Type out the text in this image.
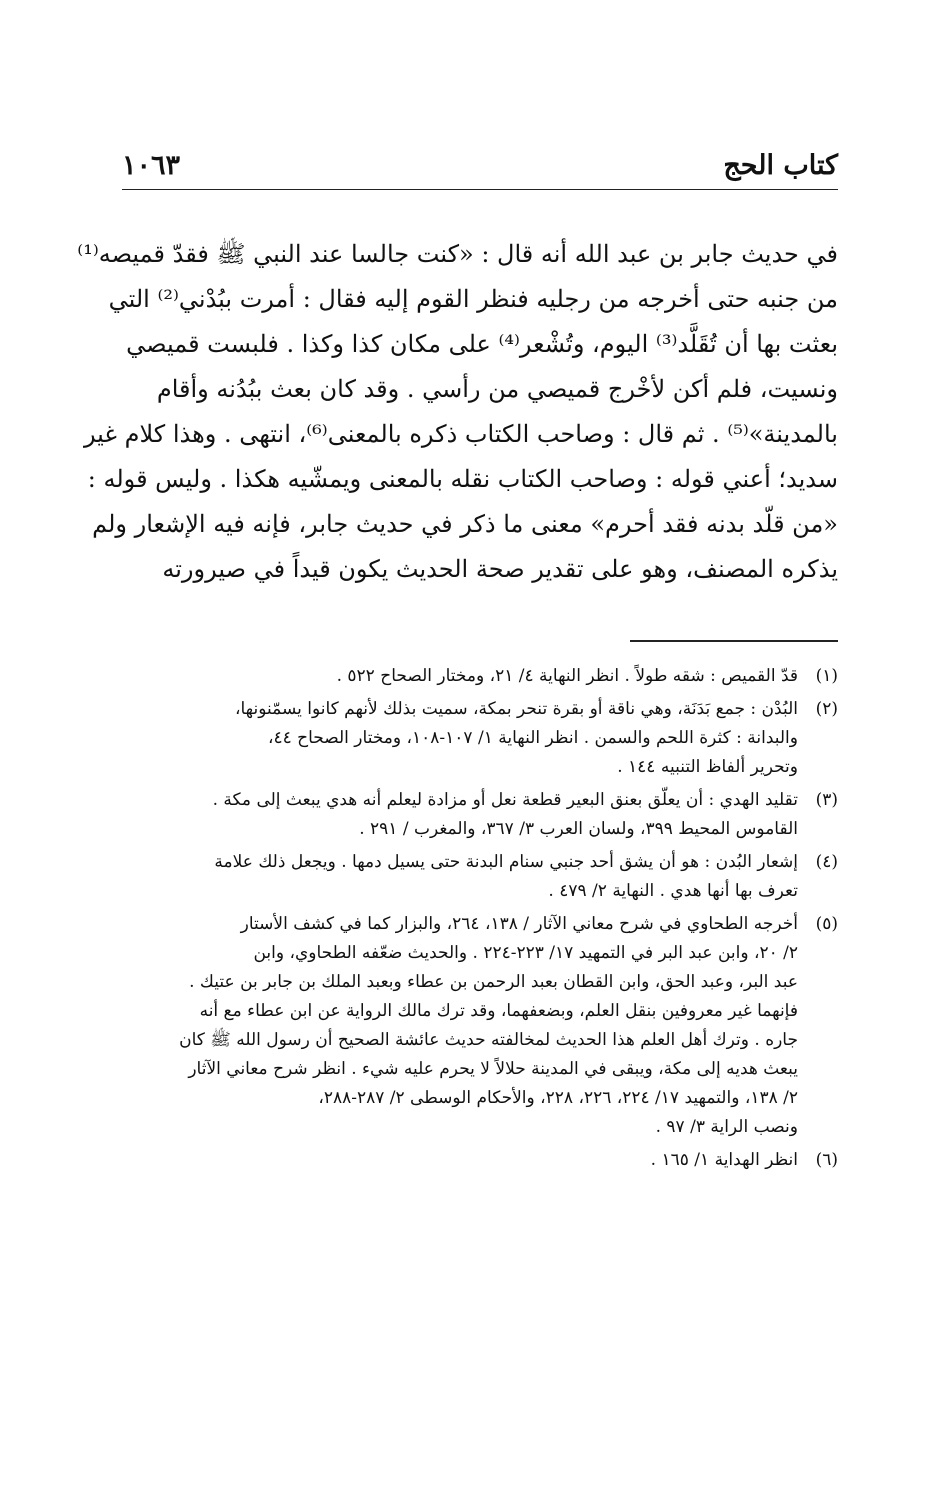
كتاب الحج
١٠٦٣
في حديث جابر بن عبد الله أنه قال : «كنت جالسا عند النبي ﷺ فقدّ قميصه⁽¹⁾
من جنبه حتى أخرجه من رجليه فنظر القوم إليه فقال : أمرت ببُدْني⁽²⁾ التي
بعثت بها أن تُقَلَّد⁽³⁾ اليوم، وتُشْعر⁽⁴⁾ على مكان كذا وكذا . فلبست قميصي
ونسيت، فلم أكن لأخْرج قميصي من رأسي . وقد كان بعث ببُدُنه وأقام
بالمدينة»⁽⁵⁾ . ثم قال : وصاحب الكتاب ذكره بالمعنى⁽⁶⁾، انتهى . وهذا كلام غير
سديد؛ أعني قوله : وصاحب الكتاب نقله بالمعنى ويمشّيه هكذا . وليس قوله :
«من قلّد بدنه فقد أحرم» معنى ما ذكر في حديث جابر، فإنه فيه الإشعار ولم
يذكره المصنف، وهو على تقدير صحة الحديث يكون قيداً في صيرورته
(١)
قدّ القميص : شقه طولاً . انظر النهاية ٤/ ٢١، ومختار الصحاح ٥٢٢ .
(٢)
البُدْن : جمع بَدَنَة، وهي ناقة أو بقرة تنحر بمكة، سميت بذلك لأنهم كانوا يسمّنونها،
والبدانة : كثرة اللحم والسمن . انظر النهاية ١/ ١٠٧-١٠٨، ومختار الصحاح ٤٤،
وتحرير ألفاظ التنبيه ١٤٤ .
(٣)
تقليد الهدي : أن يعلّق بعنق البعير قطعة نعل أو مزادة ليعلم أنه هدي يبعث إلى مكة .
القاموس المحيط ٣٩٩، ولسان العرب ٣/ ٣٦٧، والمغرب / ٢٩١ .
(٤)
إشعار البُدن : هو أن يشق أحد جنبي سنام البدنة حتى يسيل دمها . ويجعل ذلك علامة
تعرف بها أنها هدي . النهاية ٢/ ٤٧٩ .
(٥)
أخرجه الطحاوي في شرح معاني الآثار / ١٣٨، ٢٦٤، والبزار كما في كشف الأستار
٢/ ٢٠، وابن عبد البر في التمهيد ١٧/ ٢٢٣-٢٢٤ . والحديث ضعّفه الطحاوي، وابن
عبد البر، وعبد الحق، وابن القطان بعبد الرحمن بن عطاء وبعبد الملك بن جابر بن عتيك .
فإنهما غير معروفين بنقل العلم، وبضعفهما، وقد ترك مالك الرواية عن ابن عطاء مع أنه
جاره . وترك أهل العلم هذا الحديث لمخالفته حديث عائشة الصحيح أن رسول الله ﷺ كان
يبعث هديه إلى مكة، ويبقى في المدينة حلالاً لا يحرم عليه شيء . انظر شرح معاني الآثار
٢/ ١٣٨، والتمهيد ١٧/ ٢٢٤، ٢٢٦، ٢٢٨، والأحكام الوسطى ٢/ ٢٨٧-٢٨٨،
ونصب الراية ٣/ ٩٧ .
(٦)
انظر الهداية ١/ ١٦٥ .
